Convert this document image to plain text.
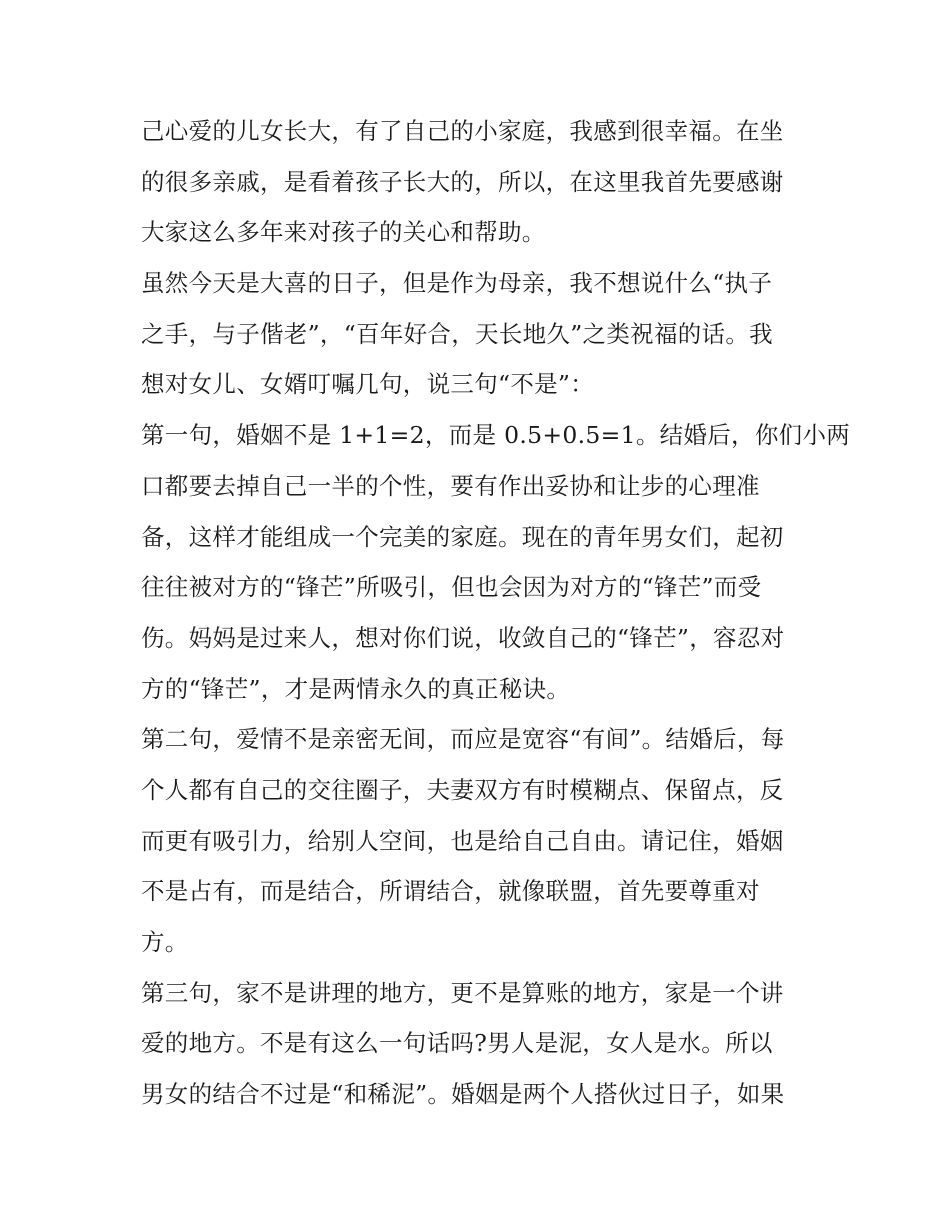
己心爱的儿女长大，有了自己的小家庭，我感到很幸福。在坐
的很多亲戚，是看着孩子长大的，所以，在这里我首先要感谢
大家这么多年来对孩子的关心和帮助。
虽然今天是大喜的日子，但是作为母亲，我不想说什么“执子
之手，与子偕老”，“百年好合，天长地久”之类祝福的话。我
想对女儿、女婿叮嘱几句，说三句“不是”：
第一句，婚姻不是 1+1=2，而是 0.5+0.5=1。结婚后，你们小两
口都要去掉自己一半的个性，要有作出妥协和让步的心理准
备，这样才能组成一个完美的家庭。现在的青年男女们，起初
往往被对方的“锋芒”所吸引，但也会因为对方的“锋芒”而受
伤。妈妈是过来人，想对你们说，收敛自己的“锋芒”，容忍对
方的“锋芒”，才是两情永久的真正秘诀。
第二句，爱情不是亲密无间，而应是宽容“有间”。结婚后，每
个人都有自己的交往圈子，夫妻双方有时模糊点、保留点，反
而更有吸引力，给别人空间，也是给自己自由。请记住，婚姻
不是占有，而是结合，所谓结合，就像联盟，首先要尊重对
方。
第三句，家不是讲理的地方，更不是算账的地方，家是一个讲
爱的地方。不是有这么一句话吗?男人是泥，女人是水。所以
男女的结合不过是“和稀泥”。婚姻是两个人搭伙过日子，如果
